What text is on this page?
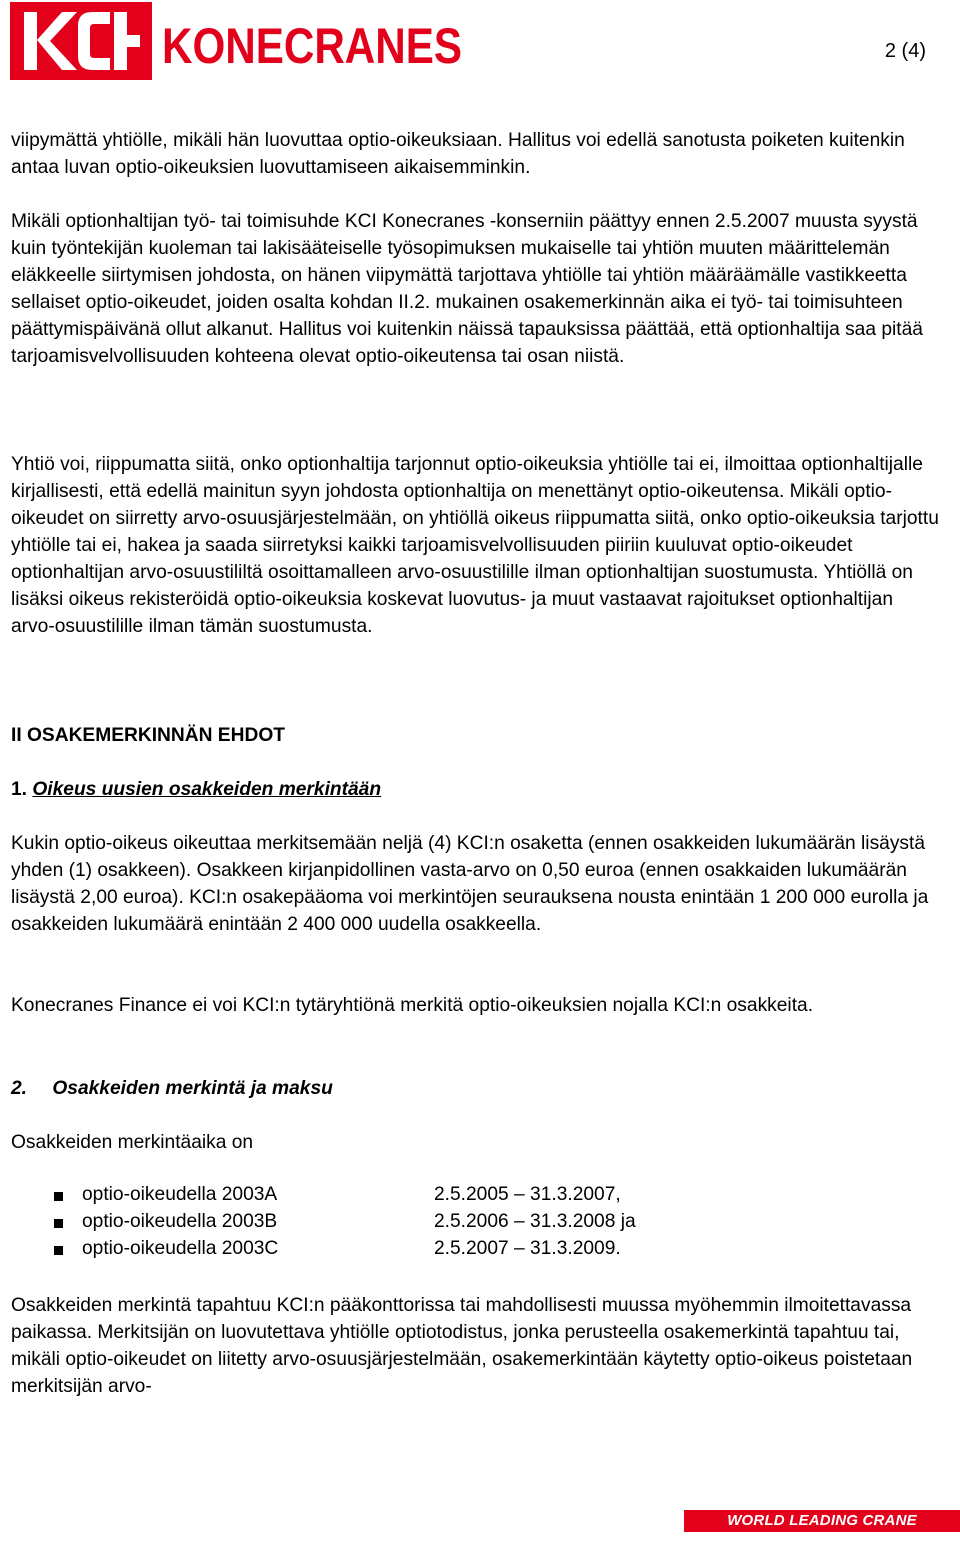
KONECRANES	2 (4)

viipymättä yhtiölle, mikäli hän luovuttaa optio-oikeuksiaan. Hallitus voi edellä sanotusta poiketen kuitenkin antaa luvan optio-oikeuksien luovuttamiseen aikaisemminkin.

Mikäli optionhaltijan työ- tai toimisuhde KCI Konecranes -konserniin päättyy ennen 2.5.2007 muusta syystä kuin työntekijän kuoleman tai lakisääteiselle työsopimuksen mukaiselle tai yhtiön muuten määrittelemän eläkkeelle siirtymisen johdosta, on hänen viipymättä tarjottava yhtiölle tai yhtiön määräämälle vastikkeetta sellaiset optio-oikeudet, joiden osalta kohdan II.2. mukainen osakemerkinnän aika ei työ- tai toimisuhteen päättymispäivänä ollut alkanut. Hallitus voi kuitenkin näissä tapauksissa päättää, että optionhaltija saa pitää tarjoamisvelvollisuuden kohteena olevat optio-oikeutensa tai osan niistä.

Yhtiö voi, riippumatta siitä, onko optionhaltija tarjonnut optio-oikeuksia yhtiölle tai ei, ilmoittaa optionhaltijalle kirjallisesti, että edellä mainitun syyn johdosta optionhaltija on menettänyt optio-oikeutensa. Mikäli optio-oikeudet on siirretty arvo-osuusjärjestelmään, on yhtiöllä oikeus riippumatta siitä, onko optio-oikeuksia tarjottu yhtiölle tai ei, hakea ja saada siirretyksi kaikki tarjoamisvelvollisuuden piiriin kuuluvat optio-oikeudet optionhaltijan arvo-osuustililtä osoittamalleen arvo-osuustilille ilman optionhaltijan suostumusta. Yhtiöllä on lisäksi oikeus rekisteröidä optio-oikeuksia koskevat luovutus- ja muut vastaavat rajoitukset optionhaltijan arvo-osuustilille ilman tämän suostumusta.

II OSAKEMERKINNÄN EHDOT
1. Oikeus uusien osakkeiden merkintään

Kukin optio-oikeus oikeuttaa merkitsemään neljä (4) KCI:n osaketta (ennen osakkeiden lukumäärän lisäystä yhden (1) osakkeen). Osakkeen kirjanpidollinen vasta-arvo on 0,50 euroa (ennen osakkaiden lukumäärän lisäystä 2,00 euroa). KCI:n osakepääoma voi merkintöjen seurauksena nousta enintään 1 200 000 eurolla ja osakkeiden lukumäärä enintään 2 400 000 uudella osakkeella.

Konecranes Finance ei voi KCI:n tytäryhtiönä merkitä optio-oikeuksien nojalla KCI:n osakkeita.

2. Osakkeiden merkintä ja maksu

Osakkeiden merkintäaika on

optio-oikeudella 2003A	2.5.2005 – 31.3.2007,
optio-oikeudella 2003B	2.5.2006 – 31.3.2008 ja
optio-oikeudella 2003C	2.5.2007 – 31.3.2009.

Osakkeiden merkintä tapahtuu KCI:n pääkonttorissa tai mahdollisesti muussa myöhemmin ilmoitettavassa paikassa. Merkitsijän on luovutettava yhtiölle optiotodistus, jonka perusteella osakemerkintä tapahtuu tai, mikäli optio-oikeudet on liitetty arvo-osuusjärjestelmään, osakemerkintään käytetty optio-oikeus poistetaan merkitsijän arvo-

WORLD LEADING CRANE TECHNOLOGY
